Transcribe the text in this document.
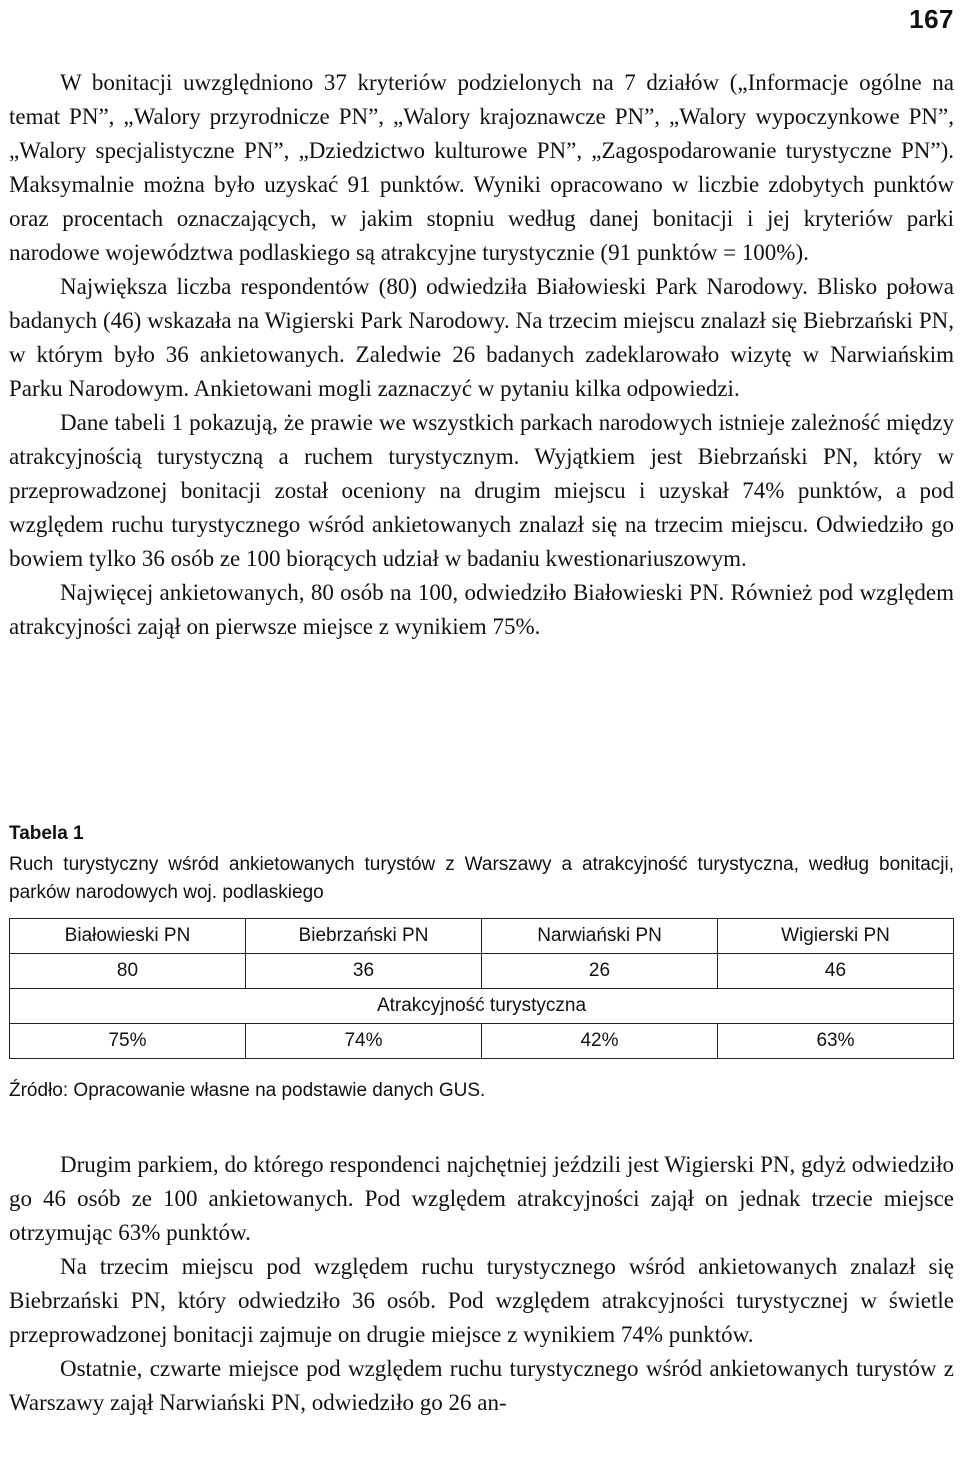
167

W bonitacji uwzględniono 37 kryteriów podzielonych na 7 działów („Informacje ogólne na temat PN”, „Walory przyrodnicze PN”, „Walory krajoznawcze PN”, „Walory wypoczynkowe PN”, „Walory specjalistyczne PN”, „Dziedzictwo kulturowe PN”, „Zagospodarowanie turystyczne PN”). Maksymalnie można było uzyskać 91 punktów. Wyniki opracowano w liczbie zdobytych punktów oraz procentach oznaczających, w jakim stopniu według danej bonitacji i jej kryteriów parki narodowe województwa podlaskiego są atrakcyjne turystycznie (91 punktów = 100%).

Największa liczba respondentów (80) odwiedziła Białowieski Park Narodowy. Blisko połowa badanych (46) wskazała na Wigierski Park Narodowy. Na trzecim miejscu znalazł się Biebrzański PN, w którym było 36 ankietowanych. Zaledwie 26 badanych zadeklarowało wizytę w Narwiańskim Parku Narodowym. Ankietowani mogli zaznaczyć w pytaniu kilka odpowiedzi.

Dane tabeli 1 pokazują, że prawie we wszystkich parkach narodowych istnieje zależność między atrakcyjnością turystyczną a ruchem turystycznym. Wyjątkiem jest Biebrzański PN, który w przeprowadzonej bonitacji został oceniony na drugim miejscu i uzyskał 74% punktów, a pod względem ruchu turystycznego wśród ankietowanych znalazł się na trzecim miejscu. Odwiedziło go bowiem tylko 36 osób ze 100 biorących udział w badaniu kwestionariuszowym.

Najwięcej ankietowanych, 80 osób na 100, odwiedziło Białowieski PN. Również pod względem atrakcyjności zajął on pierwsze miejsce z wynikiem 75%.

Tabela 1
Ruch turystyczny wśród ankietowanych turystów z Warszawy a atrakcyjność turystyczna, według bonitacji, parków narodowych woj. podlaskiego
Białowieski PN	Biebrzański PN	Narwiański PN	Wigierski PN
80	36	26	46
Atrakcyjność turystyczna			
75%	74%	42%	63%
Źródło: Opracowanie własne na podstawie danych GUS.

Drugim parkiem, do którego respondenci najchętniej jeździli jest Wigierski PN, gdyż odwiedziło go 46 osób ze 100 ankietowanych. Pod względem atrakcyjności zajął on jednak trzecie miejsce otrzymując 63% punktów.

Na trzecim miejscu pod względem ruchu turystycznego wśród ankietowanych znalazł się Biebrzański PN, który odwiedziło 36 osób. Pod względem atrakcyjności turystycznej w świetle przeprowadzonej bonitacji zajmuje on drugie miejsce z wynikiem 74% punktów.

Ostatnie, czwarte miejsce pod względem ruchu turystycznego wśród ankietowanych turystów z Warszawy zajął Narwiański PN, odwiedziło go 26 an-
